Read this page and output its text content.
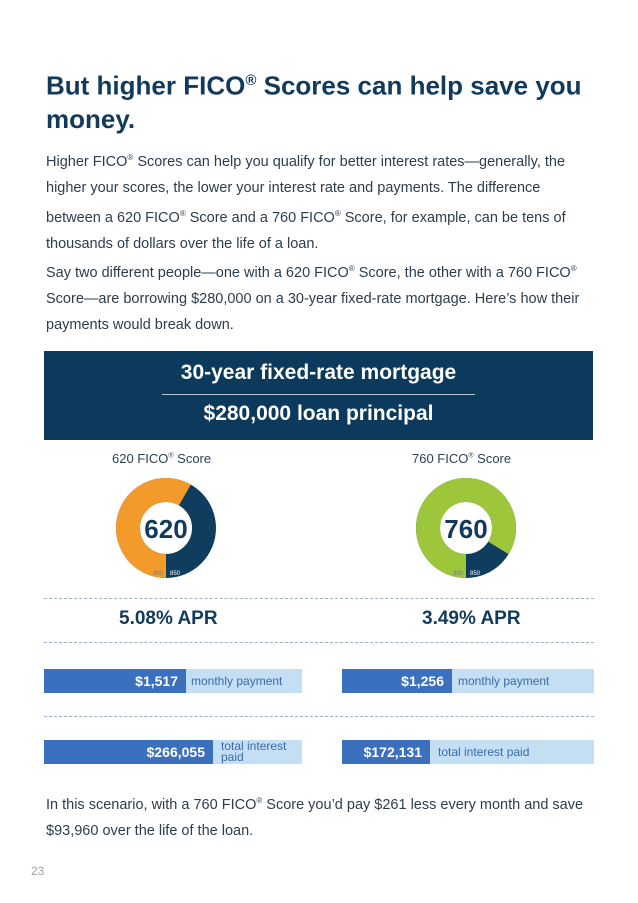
But higher FICO® Scores can help save you money.
Higher FICO® Scores can help you qualify for better interest rates—generally, the higher your scores, the lower your interest rate and payments. The difference between a 620 FICO® Score and a 760 FICO® Score, for example, can be tens of thousands of dollars over the life of a loan.
Say two different people—one with a 620 FICO® Score, the other with a 760 FICO® Score—are borrowing $280,000 on a 30-year fixed-rate mortgage. Here’s how their payments would break down.
30-year fixed-rate mortgage
$280,000 loan principal
620 FICO® Score	760 FICO® Score
620
300 850
760
300 850
5.08% APR	3.49% APR
$1,517	monthly payment	$1,256	monthly payment
$266,055	total interest paid	$172,131	total interest paid
In this scenario, with a 760 FICO® Score you’d pay $261 less every month and save $93,960 over the life of the loan.
23
